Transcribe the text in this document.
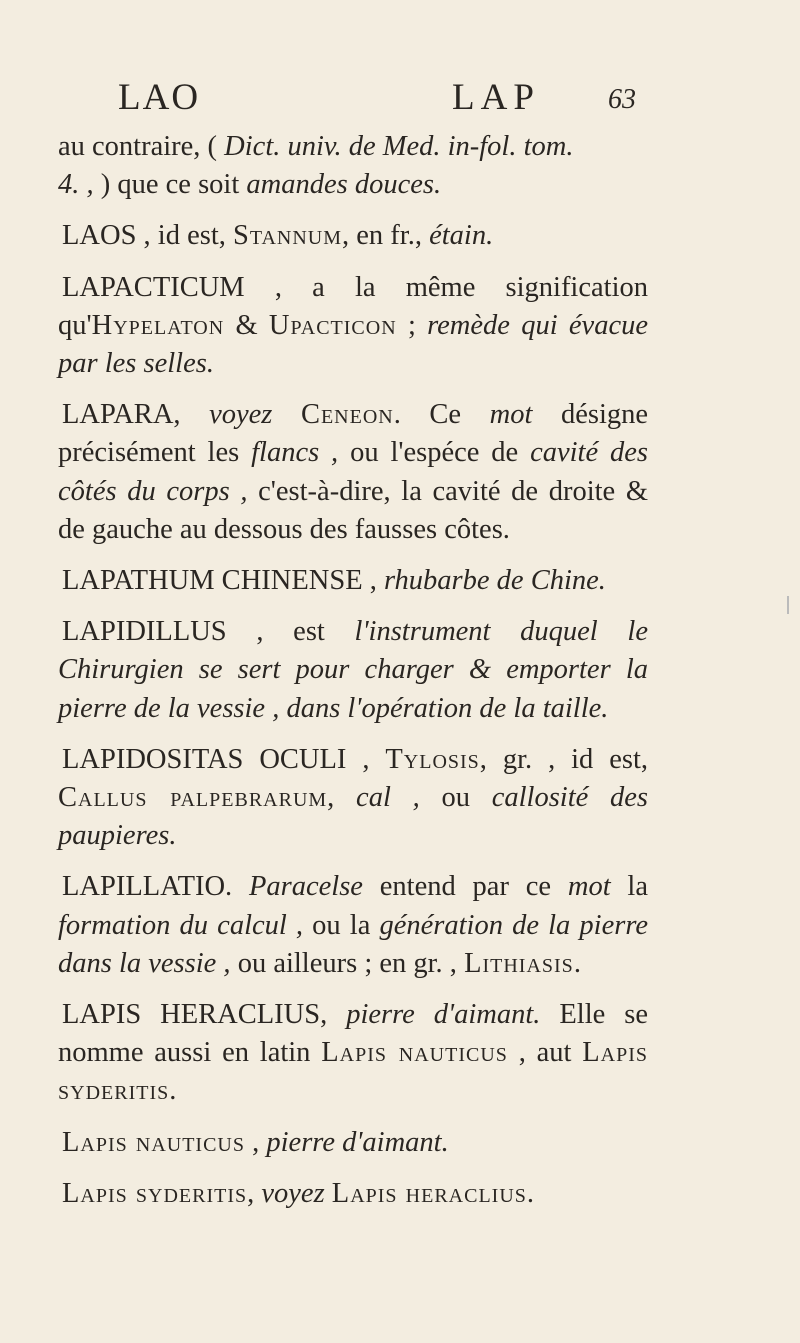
LAO	LAP 63

au contraire, ( Dict. univ. de Med. in-fol. tom.
4. , ) que ce soit amandes douces.

LAOS , id est, Stannum, en fr., étain.

LAPACTICUM , a la même signification qu'Hypelaton & Upacticon ; remède qui évacue par les selles.

LAPARA, voyez Ceneon. Ce mot désigne précisément les flancs , ou l'espéce de cavité des côtés du corps , c'est-à-dire, la cavité de droite & de gauche au dessous des fausses côtes.

LAPATHUM CHINENSE , rhubarbe de Chine.

LAPIDILLUS , est l'instrument duquel le Chirurgien se sert pour charger & emporter la pierre de la vessie , dans l'opération de la taille.

LAPIDOSITAS OCULI , Tylosis, gr. , id est, Callus palpebrarum, cal , ou callosité des paupieres.

LAPILLATIO. Paracelse entend par ce mot la formation du calcul , ou la génération de la pierre dans la vessie , ou ailleurs ; en gr. , Lithiasis.

LAPIS HERACLIUS, pierre d'aimant. Elle se nomme aussi en latin Lapis nauticus , aut Lapis syderitis.

Lapis nauticus , pierre d'aimant.

Lapis syderitis, voyez Lapis heraclius.
